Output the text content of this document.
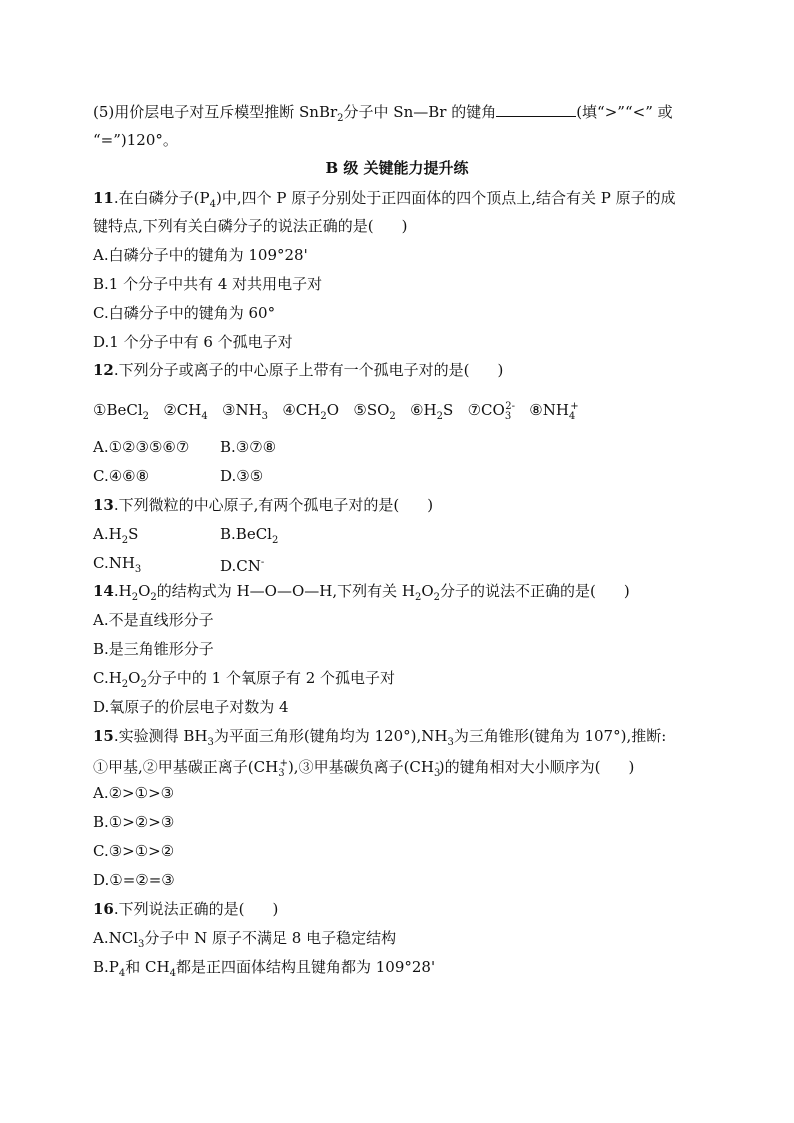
(5)用价层电子对互斥模型推断 SnBr$_2$分子中 Sn—Br 的键角	(填“>”“<” 或
“=”)120°。
B 级 关键能力提升练
11.在白磷分子$(P_4)$中,四个 P 原子分别处于正四面体的四个顶点上,结合有关 P 原子的成
键特点,下列有关白磷分子的说法正确的是( )
A.白磷分子中的键角为 109°28'
B.1 个分子中共有 4 对共用电子对
C.白磷分子中的键角为 60°
D.1 个分子中有 6 个孤电子对
12.下列分子或离子的中心原子上带有一个孤电子对的是( )
①BeCl$_2$ $②CH_4$ $③NH_3$ $④CH_2O$ $⑤SO_2$ $⑥H_2S$ $⑦CO_3^{2-}$ $⑧NH_4^+$
A.①②③⑤⑥⑦ B.③⑦⑧
C.④⑥⑧	D.③⑤
13.下列微粒的中心原子,有两个孤电子对的是( )
$A.H_2S$	B.BeCl$_2$
$C.NH_3$	D.CN-
$14.H_2O_2$的结构式为 H—O—O—H,下列有关 $H_2O_2$分子的说法不正确的是( )
A.不是直线形分子
B.是三角锥形分子
$C.H_2O_2$分子中的 1 个氧原子有 2 个孤电子对
D.氧原子的价层电子对数为 4
15.实验测得 $BH_3$为平面三角形(键角均为 $120^\circ),NH_3$为三角锥形(键角为 107°),推断:
①甲基,②甲基碳正离子$(CH_3^+),③$甲基碳负离子$(CH_3^-)$的键角相对大小顺序为( )
A.②>①>③
B.①>②>③
C.③>①>②
D.①=②=③
16.下列说法正确的是( )
A.NCl$_3$分子中 N 原子不满足 8 电子稳定结构
$B.P_4$和 $CH_4$都是正四面体结构且键角都为 109°28'
